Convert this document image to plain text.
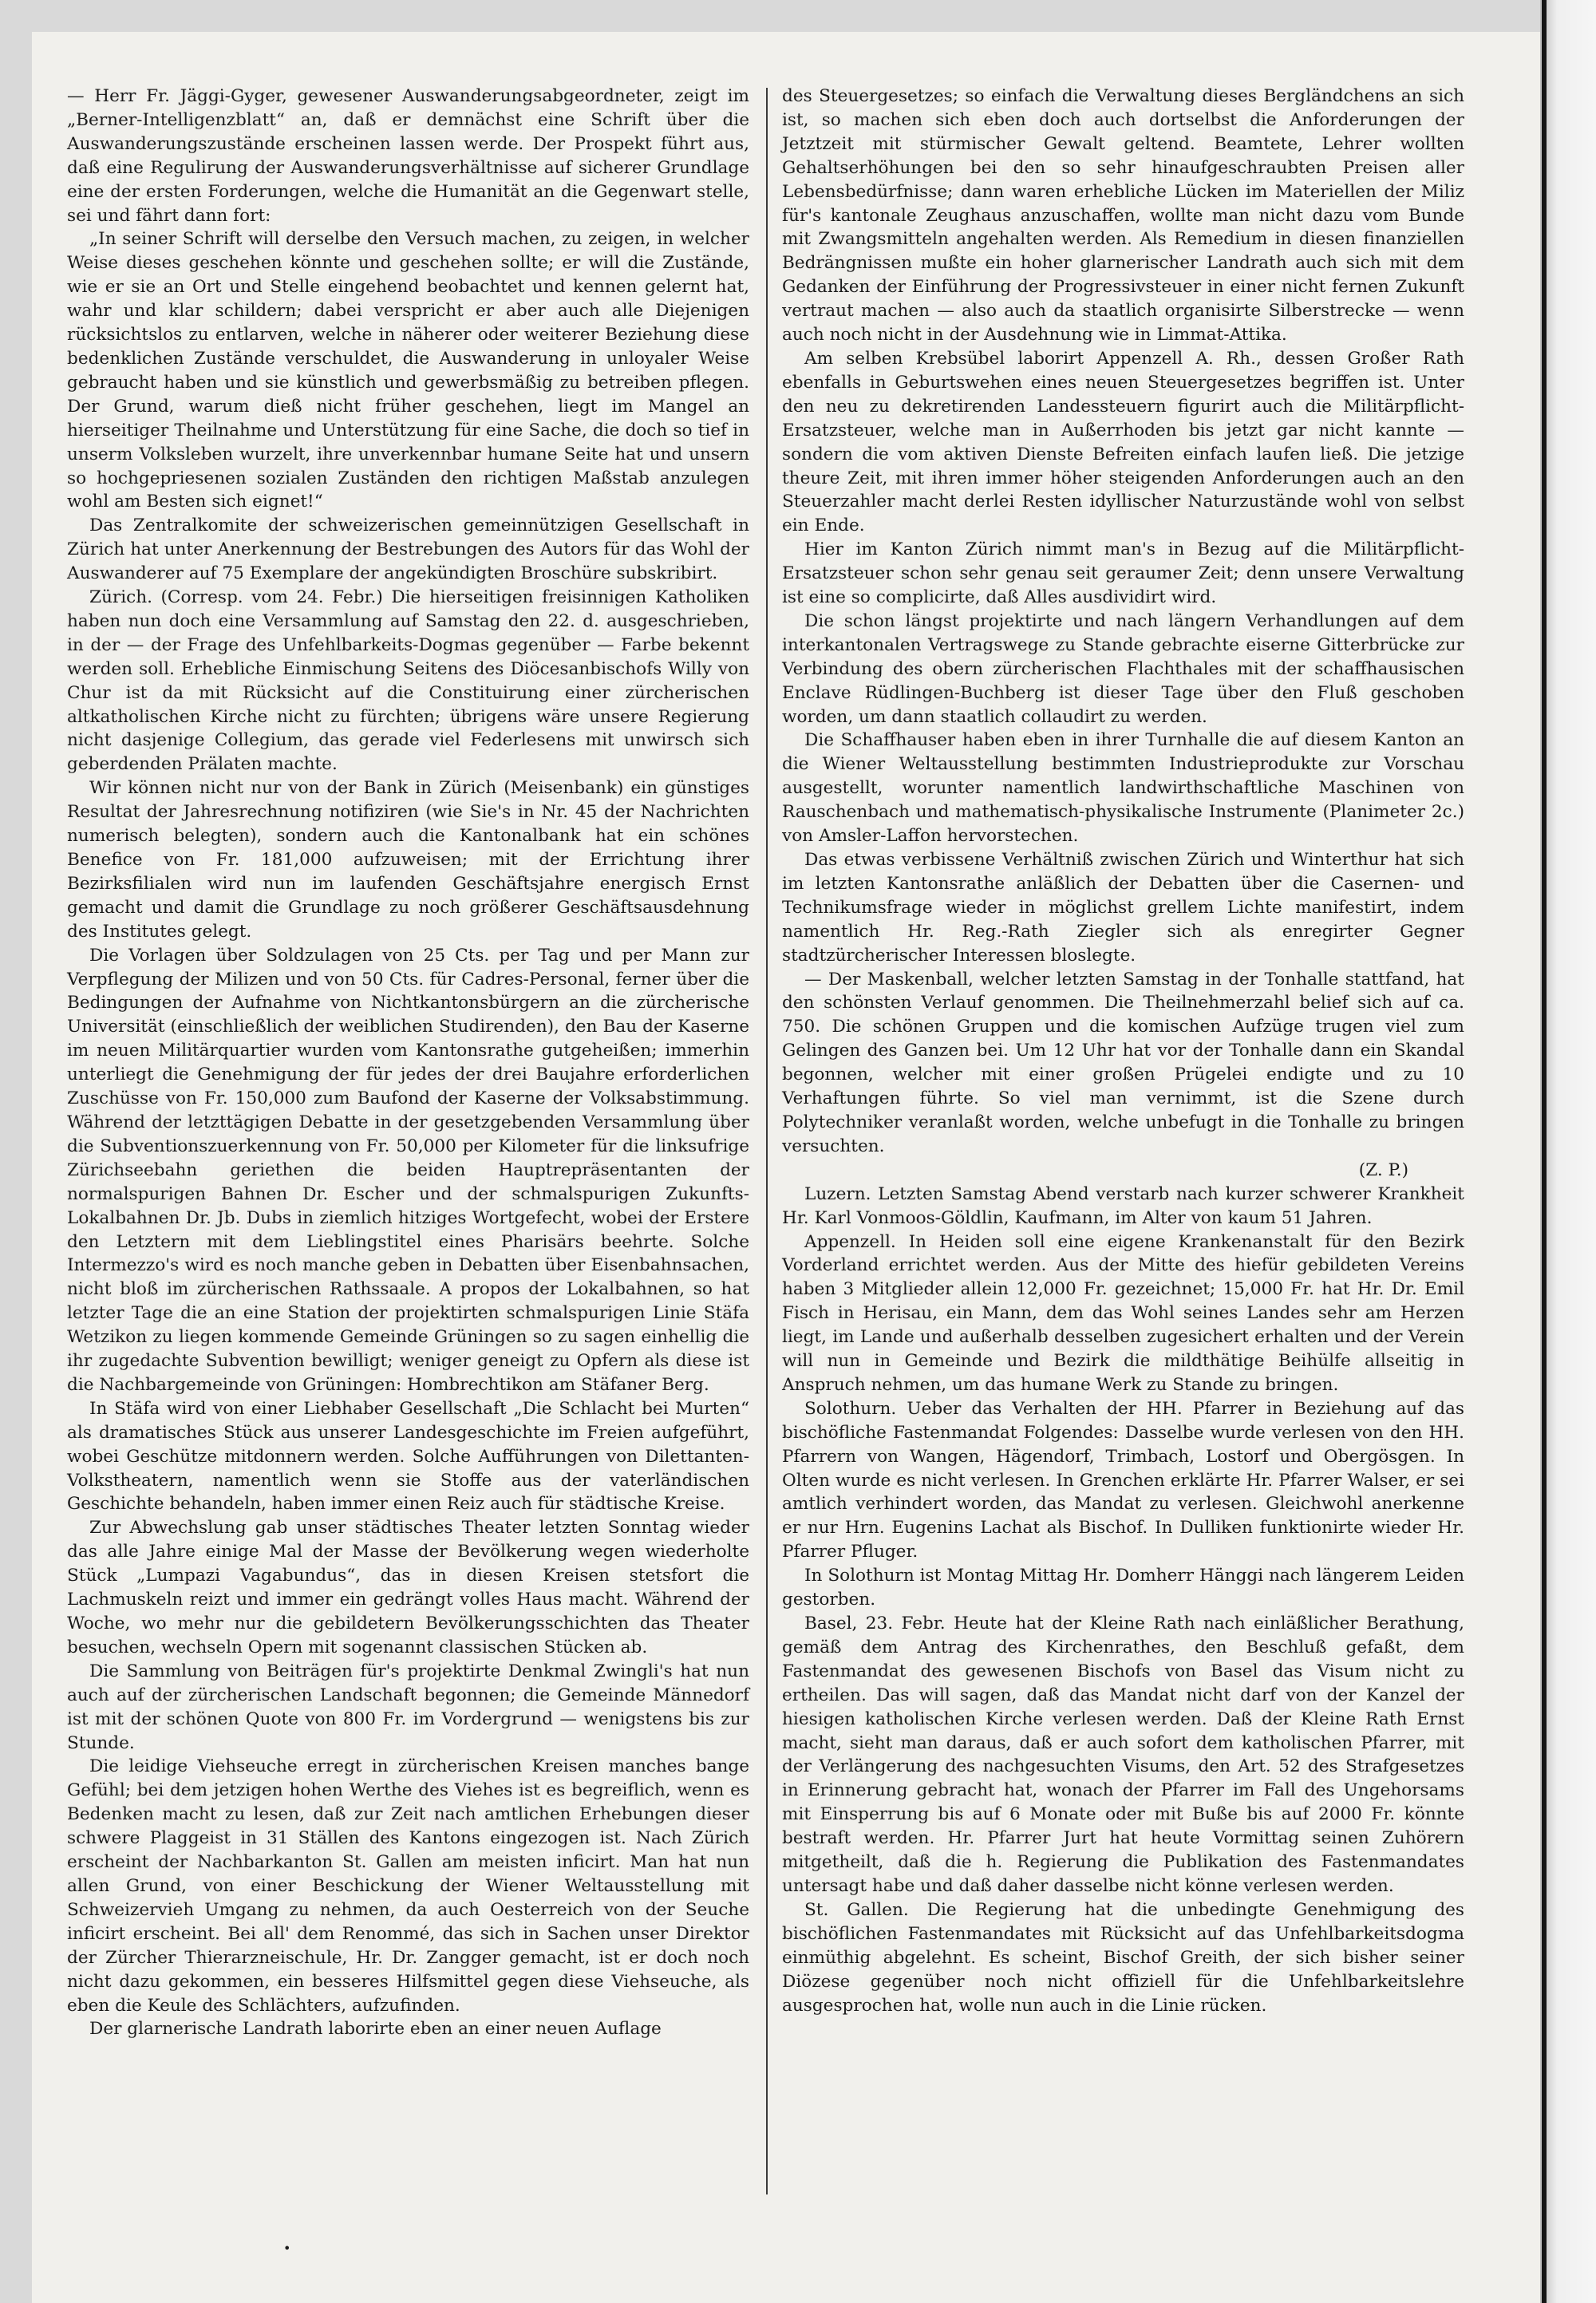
— Herr Fr. Jäggi-Gyger, gewesener Auswanderungsabgeordneter, zeigt im „Berner-Intelligenzblatt“ an, daß er demnächst eine Schrift über die Auswanderungszustände erscheinen lassen werde. Der Prospekt führt aus, daß eine Regulirung der Auswanderungsverhältnisse auf sicherer Grundlage eine der ersten Forderungen, welche die Humanität an die Gegenwart stelle, sei und fährt dann fort:

„In seiner Schrift will derselbe den Versuch machen, zu zeigen, in welcher Weise dieses geschehen könnte und geschehen sollte; er will die Zustände, wie er sie an Ort und Stelle eingehend beobachtet und kennen gelernt hat, wahr und klar schildern; dabei verspricht er aber auch alle Diejenigen rücksichtslos zu entlarven, welche in näherer oder weiterer Beziehung diese bedenklichen Zustände verschuldet, die Auswanderung in unloyaler Weise gebraucht haben und sie künstlich und gewerbsmäßig zu betreiben pflegen. Der Grund, warum dieß nicht früher geschehen, liegt im Mangel an hierseitiger Theilnahme und Unterstützung für eine Sache, die doch so tief in unserm Volksleben wurzelt, ihre unverkennbar humane Seite hat und unsern so hochgepriesenen sozialen Zuständen den richtigen Maßstab anzulegen wohl am Besten sich eignet!“

Das Zentralkomite der schweizerischen gemeinnützigen Gesellschaft in Zürich hat unter Anerkennung der Bestrebungen des Autors für das Wohl der Auswanderer auf 75 Exemplare der angekündigten Broschüre subskribirt.

Zürich. (Corresp. vom 24. Febr.) Die hierseitigen freisinnigen Katholiken haben nun doch eine Versammlung auf Samstag den 22. d. ausgeschrieben, in der — der Frage des Unfehlbarkeits-Dogmas gegenüber — Farbe bekennt werden soll. Erhebliche Einmischung Seitens des Diöcesanbischofs Willy von Chur ist da mit Rücksicht auf die Constituirung einer zürcherischen altkatholischen Kirche nicht zu fürchten; übrigens wäre unsere Regierung nicht dasjenige Collegium, das gerade viel Federlesens mit unwirsch sich geberdenden Prälaten machte.

Wir können nicht nur von der Bank in Zürich (Meisenbank) ein günstiges Resultat der Jahresrechnung notifiziren (wie Sie's in Nr. 45 der Nachrichten numerisch belegten), sondern auch die Kantonalbank hat ein schönes Benefice von Fr. 181,000 aufzuweisen; mit der Errichtung ihrer Bezirksfilialen wird nun im laufenden Geschäftsjahre energisch Ernst gemacht und damit die Grundlage zu noch größerer Geschäftsausdehnung des Institutes gelegt.

Die Vorlagen über Soldzulagen von 25 Cts. per Tag und per Mann zur Verpflegung der Milizen und von 50 Cts. für Cadres-Personal, ferner über die Bedingungen der Aufnahme von Nichtkantonsbürgern an die zürcherische Universität (einschließlich der weiblichen Studirenden), den Bau der Kaserne im neuen Militärquartier wurden vom Kantonsrathe gutgeheißen; immerhin unterliegt die Genehmigung der für jedes der drei Baujahre erforderlichen Zuschüsse von Fr. 150,000 zum Baufond der Kaserne der Volksabstimmung. Während der letzttägigen Debatte in der gesetzgebenden Versammlung über die Subventionszuerkennung von Fr. 50,000 per Kilometer für die linksufrige Zürichseebahn geriethen die beiden Hauptrepräsentanten der normalspurigen Bahnen Dr. Escher und der schmalspurigen Zukunfts-Lokalbahnen Dr. Jb. Dubs in ziemlich hitziges Wortgefecht, wobei der Erstere den Letztern mit dem Lieblingstitel eines Pharisärs beehrte. Solche Intermezzo's wird es noch manche geben in Debatten über Eisenbahnsachen, nicht bloß im zürcherischen Rathssaale. A propos der Lokalbahnen, so hat letzter Tage die an eine Station der projektirten schmalspurigen Linie Stäfa Wetzikon zu liegen kommende Gemeinde Grüningen so zu sagen einhellig die ihr zugedachte Subvention bewilligt; weniger geneigt zu Opfern als diese ist die Nachbargemeinde von Grüningen: Hombrechtikon am Stäfaner Berg.

In Stäfa wird von einer Liebhaber Gesellschaft „Die Schlacht bei Murten“ als dramatisches Stück aus unserer Landesgeschichte im Freien aufgeführt, wobei Geschütze mitdonnern werden. Solche Aufführungen von Dilettanten-Volkstheatern, namentlich wenn sie Stoffe aus der vaterländischen Geschichte behandeln, haben immer einen Reiz auch für städtische Kreise.

Zur Abwechslung gab unser städtisches Theater letzten Sonntag wieder das alle Jahre einige Mal der Masse der Bevölkerung wegen wiederholte Stück „Lumpazi Vagabundus“, das in diesen Kreisen stetsfort die Lachmuskeln reizt und immer ein gedrängt volles Haus macht. Während der Woche, wo mehr nur die gebildetern Bevölkerungsschichten das Theater besuchen, wechseln Opern mit sogenannt classischen Stücken ab.

Die Sammlung von Beiträgen für's projektirte Denkmal Zwingli's hat nun auch auf der zürcherischen Landschaft begonnen; die Gemeinde Männedorf ist mit der schönen Quote von 800 Fr. im Vordergrund — wenigstens bis zur Stunde.

Die leidige Viehseuche erregt in zürcherischen Kreisen manches bange Gefühl; bei dem jetzigen hohen Werthe des Viehes ist es begreiflich, wenn es Bedenken macht zu lesen, daß zur Zeit nach amtlichen Erhebungen dieser schwere Plaggeist in 31 Ställen des Kantons eingezogen ist. Nach Zürich erscheint der Nachbarkanton St. Gallen am meisten inficirt. Man hat nun allen Grund, von einer Beschickung der Wiener Weltausstellung mit Schweizervieh Umgang zu nehmen, da auch Oesterreich von der Seuche inficirt erscheint. Bei all' dem Renommé, das sich in Sachen unser Direktor der Zürcher Thierarzneischule, Hr. Dr. Zangger gemacht, ist er doch noch nicht dazu gekommen, ein besseres Hilfsmittel gegen diese Viehseuche, als eben die Keule des Schlächters, aufzufinden.

Der glarnerische Landrath laborirte eben an einer neuen Auflage

des Steuergesetzes; so einfach die Verwaltung dieses Bergländchens an sich ist, so machen sich eben doch auch dortselbst die Anforderungen der Jetztzeit mit stürmischer Gewalt geltend. Beamtete, Lehrer wollten Gehaltserhöhungen bei den so sehr hinaufgeschraubten Preisen aller Lebensbedürfnisse; dann waren erhebliche Lücken im Materiellen der Miliz für's kantonale Zeughaus anzuschaffen, wollte man nicht dazu vom Bunde mit Zwangsmitteln angehalten werden. Als Remedium in diesen finanziellen Bedrängnissen mußte ein hoher glarnerischer Landrath auch sich mit dem Gedanken der Einführung der Progressivsteuer in einer nicht fernen Zukunft vertraut machen — also auch da staatlich organisirte Silberstrecke — wenn auch noch nicht in der Ausdehnung wie in Limmat-Attika.

Am selben Krebsübel laborirt Appenzell A. Rh., dessen Großer Rath ebenfalls in Geburtswehen eines neuen Steuergesetzes begriffen ist. Unter den neu zu dekretirenden Landessteuern figurirt auch die Militärpflicht-Ersatzsteuer, welche man in Außerrhoden bis jetzt gar nicht kannte — sondern die vom aktiven Dienste Befreiten einfach laufen ließ. Die jetzige theure Zeit, mit ihren immer höher steigenden Anforderungen auch an den Steuerzahler macht derlei Resten idyllischer Naturzustände wohl von selbst ein Ende.

Hier im Kanton Zürich nimmt man's in Bezug auf die Militärpflicht-Ersatzsteuer schon sehr genau seit geraumer Zeit; denn unsere Verwaltung ist eine so complicirte, daß Alles ausdividirt wird.

Die schon längst projektirte und nach längern Verhandlungen auf dem interkantonalen Vertragswege zu Stande gebrachte eiserne Gitterbrücke zur Verbindung des obern zürcherischen Flachthales mit der schaffhausischen Enclave Rüdlingen-Buchberg ist dieser Tage über den Fluß geschoben worden, um dann staatlich collaudirt zu werden.

Die Schaffhauser haben eben in ihrer Turnhalle die auf diesem Kanton an die Wiener Weltausstellung bestimmten Industrieprodukte zur Vorschau ausgestellt, worunter namentlich landwirthschaftliche Maschinen von Rauschenbach und mathematisch-physikalische Instrumente (Planimeter 2c.) von Amsler-Laffon hervorstechen.

Das etwas verbissene Verhältniß zwischen Zürich und Winterthur hat sich im letzten Kantonsrathe anläßlich der Debatten über die Casernen- und Technikumsfrage wieder in möglichst grellem Lichte manifestirt, indem namentlich Hr. Reg.-Rath Ziegler sich als enregirter Gegner stadtzürcherischer Interessen bloslegte.

— Der Maskenball, welcher letzten Samstag in der Tonhalle stattfand, hat den schönsten Verlauf genommen. Die Theilnehmerzahl belief sich auf ca. 750. Die schönen Gruppen und die komischen Aufzüge trugen viel zum Gelingen des Ganzen bei. Um 12 Uhr hat vor der Tonhalle dann ein Skandal begonnen, welcher mit einer großen Prügelei endigte und zu 10 Verhaftungen führte. So viel man vernimmt, ist die Szene durch Polytechniker veranlaßt worden, welche unbefugt in die Tonhalle zu bringen versuchten.

(Z. P.)

Luzern. Letzten Samstag Abend verstarb nach kurzer schwerer Krankheit Hr. Karl Vonmoos-Göldlin, Kaufmann, im Alter von kaum 51 Jahren.

Appenzell. In Heiden soll eine eigene Krankenanstalt für den Bezirk Vorderland errichtet werden. Aus der Mitte des hiefür gebildeten Vereins haben 3 Mitglieder allein 12,000 Fr. gezeichnet; 15,000 Fr. hat Hr. Dr. Emil Fisch in Herisau, ein Mann, dem das Wohl seines Landes sehr am Herzen liegt, im Lande und außerhalb desselben zugesichert erhalten und der Verein will nun in Gemeinde und Bezirk die mildthätige Beihülfe allseitig in Anspruch nehmen, um das humane Werk zu Stande zu bringen.

Solothurn. Ueber das Verhalten der HH. Pfarrer in Beziehung auf das bischöfliche Fastenmandat Folgendes: Dasselbe wurde verlesen von den HH. Pfarrern von Wangen, Hägendorf, Trimbach, Lostorf und Obergösgen. In Olten wurde es nicht verlesen. In Grenchen erklärte Hr. Pfarrer Walser, er sei amtlich verhindert worden, das Mandat zu verlesen. Gleichwohl anerkenne er nur Hrn. Eugenins Lachat als Bischof. In Dulliken funktionirte wieder Hr. Pfarrer Pfluger.

In Solothurn ist Montag Mittag Hr. Domherr Hänggi nach längerem Leiden gestorben.

Basel, 23. Febr. Heute hat der Kleine Rath nach einläßlicher Berathung, gemäß dem Antrag des Kirchenrathes, den Beschluß gefaßt, dem Fastenmandat des gewesenen Bischofs von Basel das Visum nicht zu ertheilen. Das will sagen, daß das Mandat nicht darf von der Kanzel der hiesigen katholischen Kirche verlesen werden. Daß der Kleine Rath Ernst macht, sieht man daraus, daß er auch sofort dem katholischen Pfarrer, mit der Verlängerung des nachgesuchten Visums, den Art. 52 des Strafgesetzes in Erinnerung gebracht hat, wonach der Pfarrer im Fall des Ungehorsams mit Einsperrung bis auf 6 Monate oder mit Buße bis auf 2000 Fr. könnte bestraft werden. Hr. Pfarrer Jurt hat heute Vormittag seinen Zuhörern mitgetheilt, daß die h. Regierung die Publikation des Fastenmandates untersagt habe und daß daher dasselbe nicht könne verlesen werden.

St. Gallen. Die Regierung hat die unbedingte Genehmigung des bischöflichen Fastenmandates mit Rücksicht auf das Unfehlbarkeitsdogma einmüthig abgelehnt. Es scheint, Bischof Greith, der sich bisher seiner Diözese gegenüber noch nicht offiziell für die Unfehlbarkeitslehre ausgesprochen hat, wolle nun auch in die Linie rücken.

•
